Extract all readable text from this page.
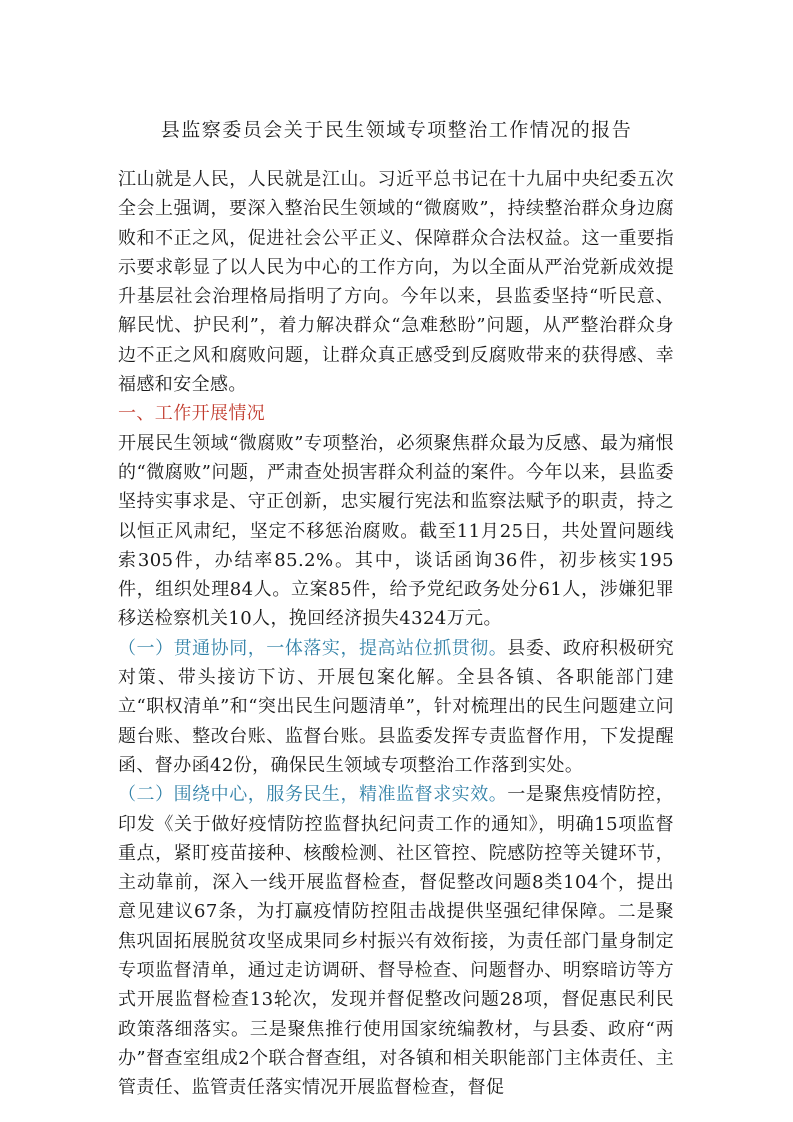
县监察委员会关于民生领域专项整治工作情况的报告

江山就是人民，人民就是江山。习近平总书记在十九届中央纪委五次全会上强调，要深入整治民生领域的“微腐败”，持续整治群众身边腐败和不正之风，促进社会公平正义、保障群众合法权益。这一重要指示要求彰显了以人民为中心的工作方向，为以全面从严治党新成效提升基层社会治理格局指明了方向。今年以来，县监委坚持“听民意、解民忧、护民利”，着力解决群众“急难愁盼”问题，从严整治群众身边不正之风和腐败问题，让群众真正感受到反腐败带来的获得感、幸福感和安全感。

一、工作开展情况

开展民生领域“微腐败”专项整治，必须聚焦群众最为反感、最为痛恨的“微腐败”问题，严肃查处损害群众利益的案件。今年以来，县监委坚持实事求是、守正创新，忠实履行宪法和监察法赋予的职责，持之以恒正风肃纪，坚定不移惩治腐败。截至11月25日，共处置问题线索305件，办结率85.2%。其中，谈话函询36件，初步核实195件，组织处理84人。立案85件，给予党纪政务处分61人，涉嫌犯罪移送检察机关10人，挽回经济损失4324万元。

（一）贯通协同，一体落实，提高站位抓贯彻。县委、政府积极研究对策、带头接访下访、开展包案化解。全县各镇、各职能部门建立“职权清单”和“突出民生问题清单”，针对梳理出的民生问题建立问题台账、整改台账、监督台账。县监委发挥专责监督作用，下发提醒函、督办函42份，确保民生领域专项整治工作落到实处。

（二）围绕中心，服务民生，精准监督求实效。一是聚焦疫情防控，印发《关于做好疫情防控监督执纪问责工作的通知》，明确15项监督重点，紧盯疫苗接种、核酸检测、社区管控、院感防控等关键环节，主动靠前，深入一线开展监督检查，督促整改问题8类104个，提出意见建议67条，为打赢疫情防控阻击战提供坚强纪律保障。二是聚焦巩固拓展脱贫攻坚成果同乡村振兴有效衔接，为责任部门量身制定专项监督清单，通过走访调研、督导检查、问题督办、明察暗访等方式开展监督检查13轮次，发现并督促整改问题28项，督促惠民利民政策落细落实。三是聚焦推行使用国家统编教材，与县委、政府“两办”督查室组成2个联合督查组，对各镇和相关职能部门主体责任、主管责任、监管责任落实情况开展监督检查，督促
